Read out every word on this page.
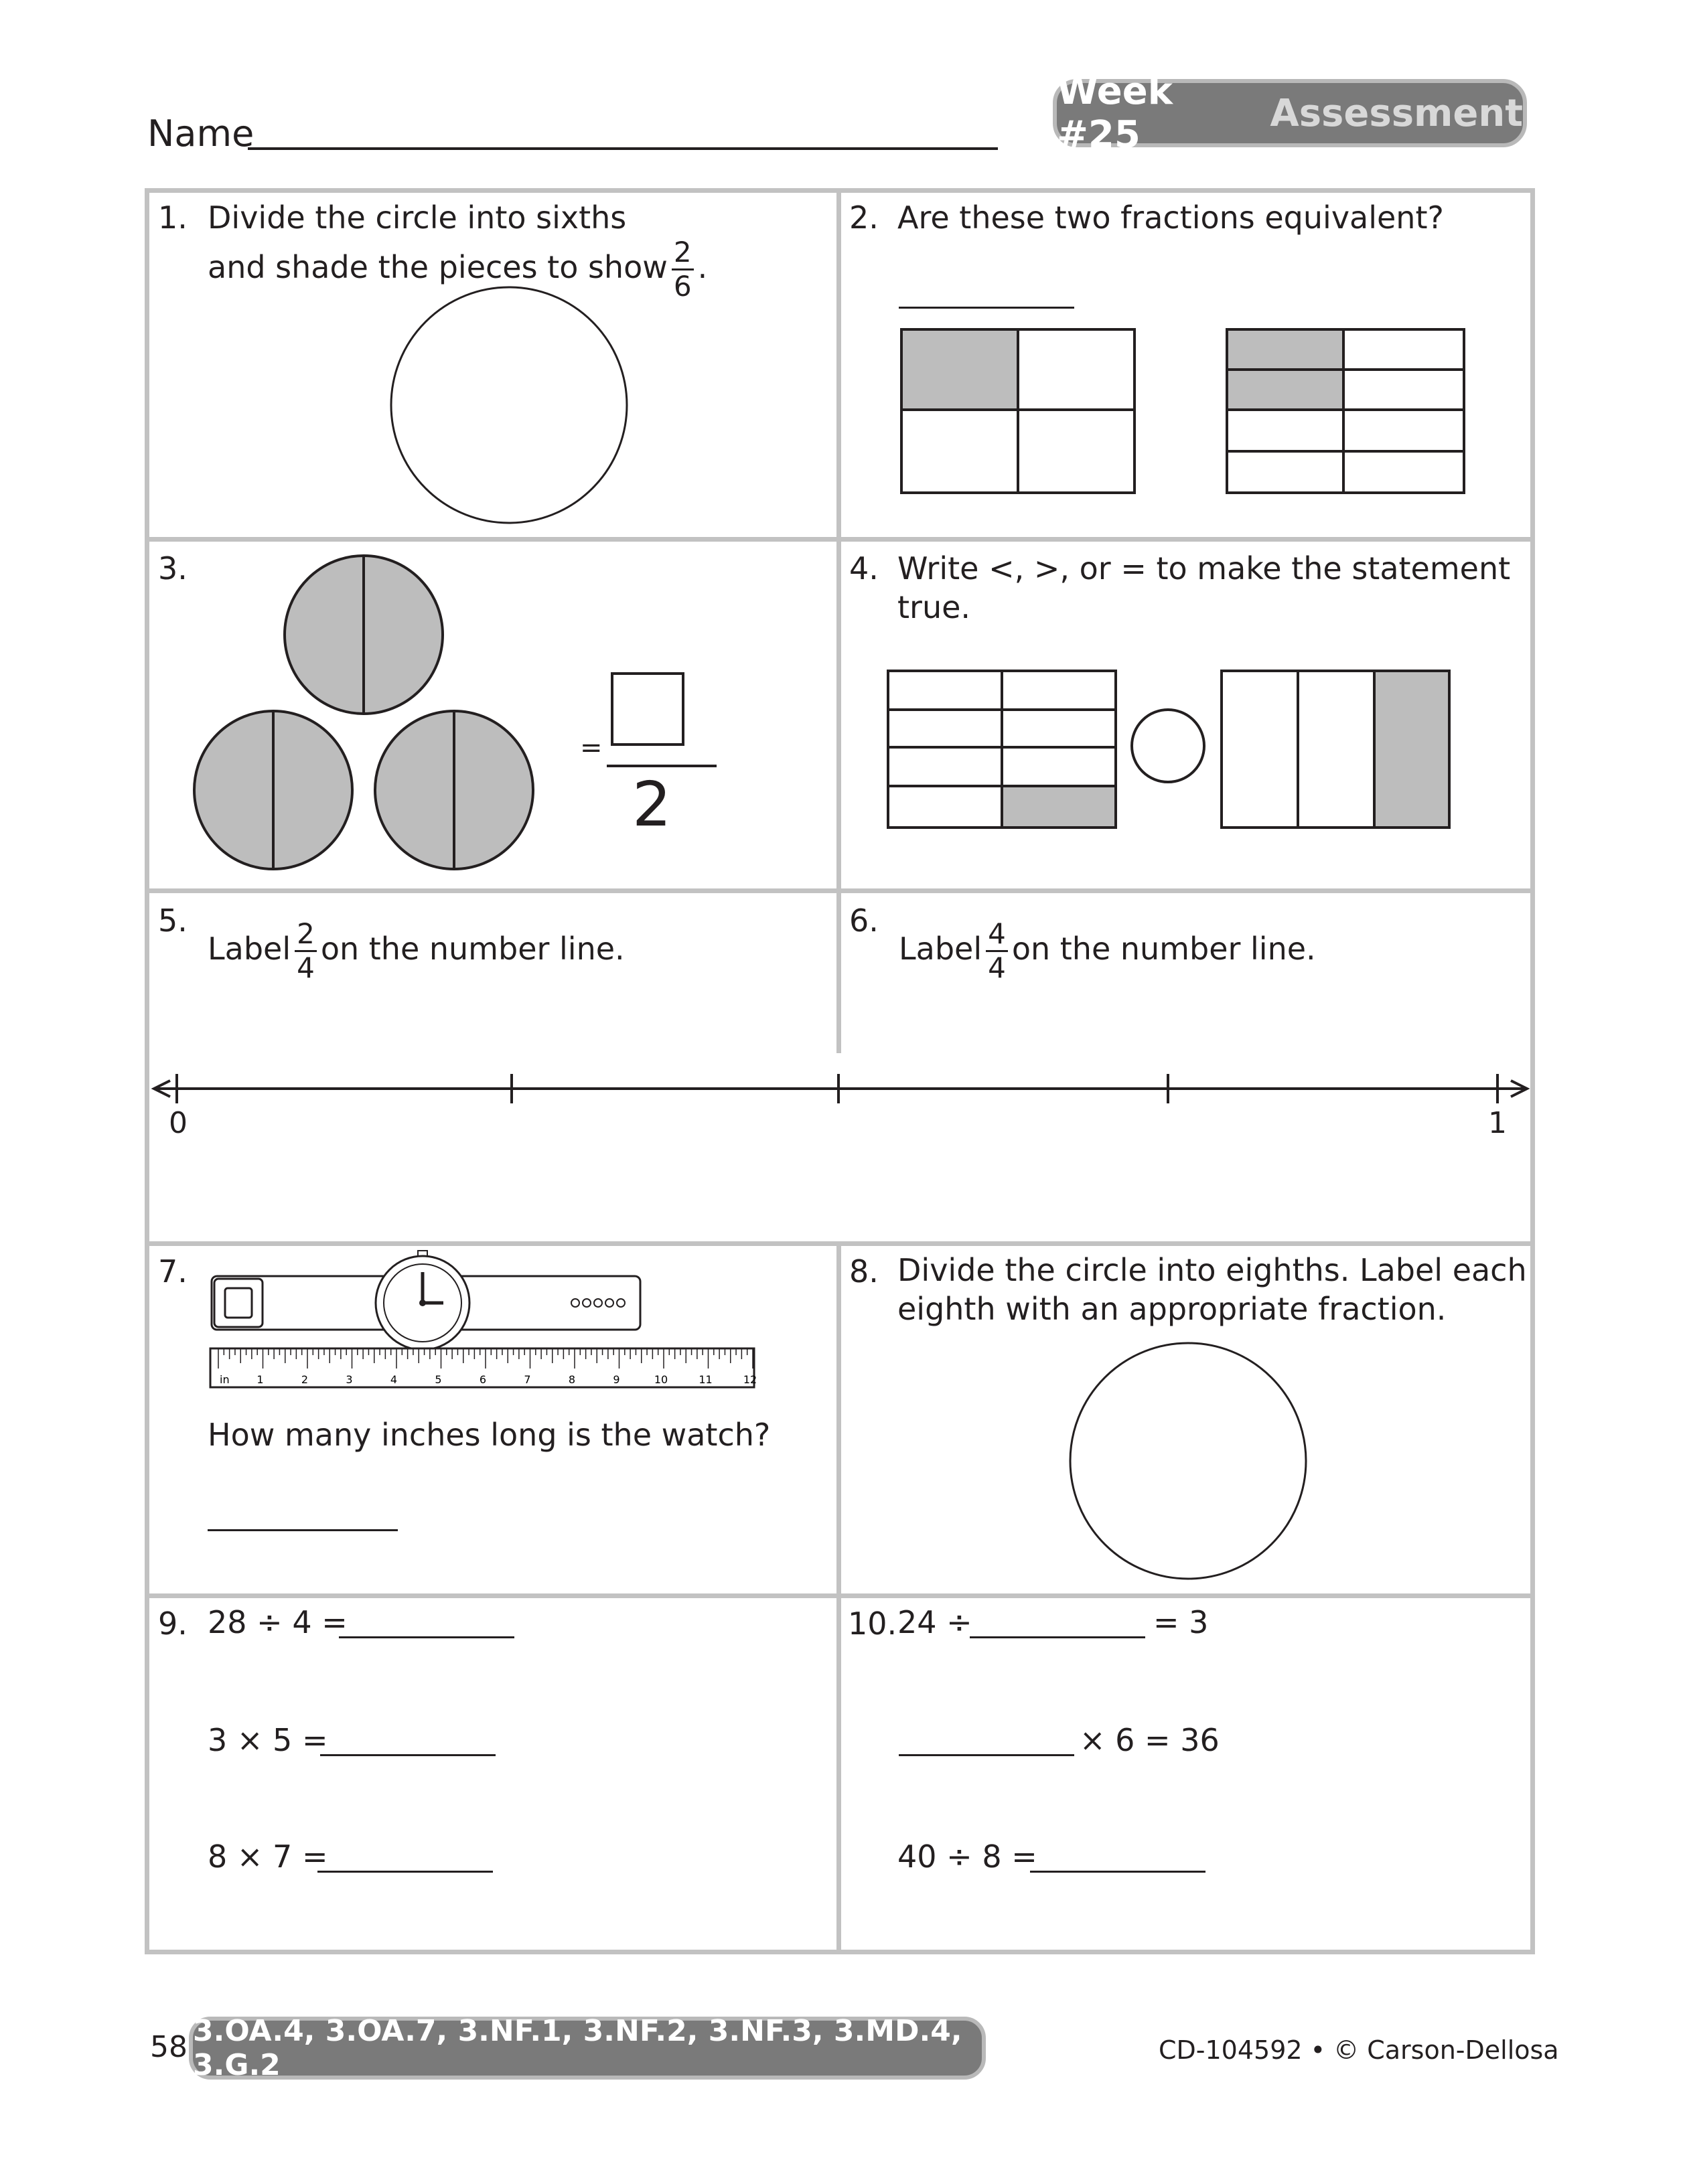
Name
Week #25	Assessment
1. Divide the circle into sixths
and shade the pieces to show $\frac{2}{6}$ .
2. Are these two fractions equivalent?
3.
=
2
4. Write <, >, or = to make the statement
true.
5.
Label $\frac{2}{4}$ on the number line.
6.
Label $\frac{4}{4}$ on the number line.
0	1
7.
in	1	2	3	4	5	6	7	8	9	10	11	12
How many inches long is the watch?
8. Divide the circle into eighths. Label each
eighth with an appropriate fraction.
9. 28 ÷ 4 =
3 × 5 =
8 × 7 =
10. 24 ÷	= 3
× 6 = 36
40 ÷ 8 =
58 3.OA.4, 3.OA.7, 3.NF.1, 3.NF.2, 3.NF.3, 3.MD.4, 3.G.2	CD-104592 • © Carson-Dellosa
